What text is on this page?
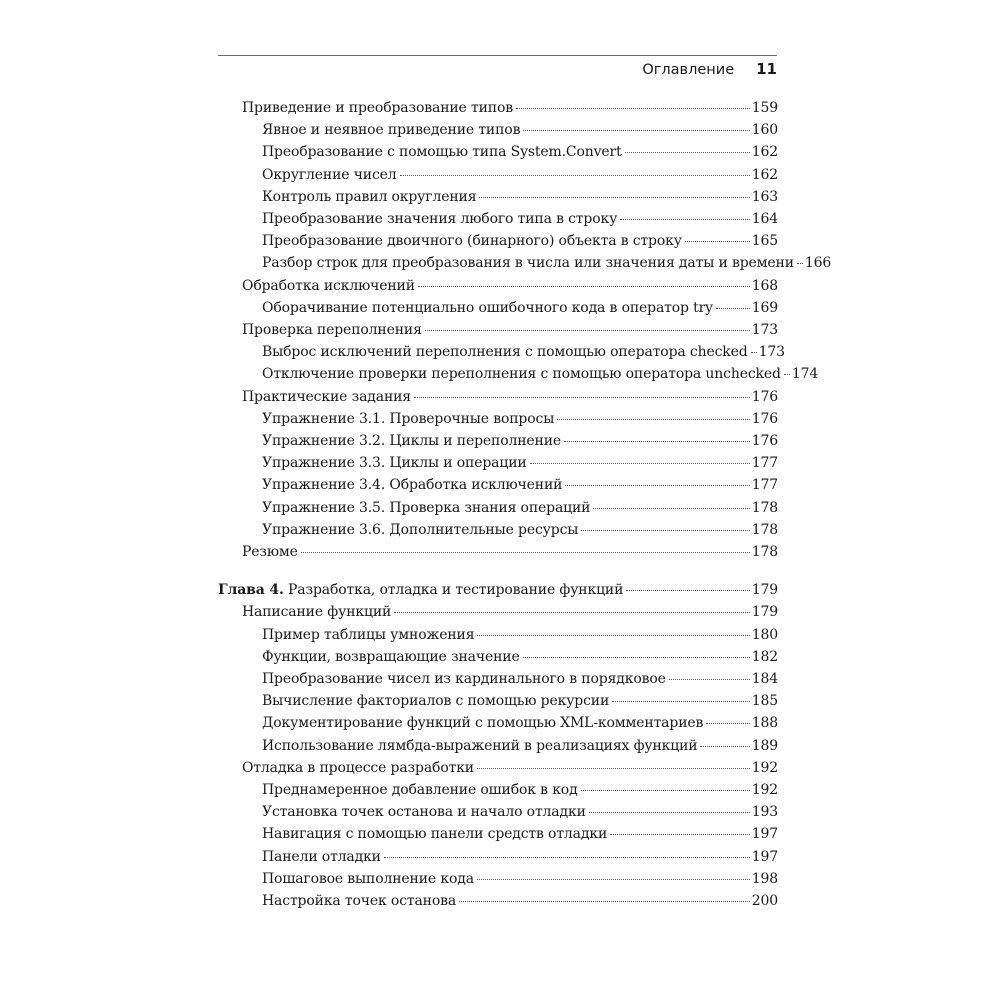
Оглавление 11
Приведение и преобразование типов	159
Явное и неявное приведение типов	160
Преобразование с помощью типа System.Convert	162
Округление чисел	162
Контроль правил округления	163
Преобразование значения любого типа в строку	164
Преобразование двоичного (бинарного) объекта в строку	165
Разбор строк для преобразования в числа или значения даты и времени 166
Обработка исключений	168
Оборачивание потенциально ошибочного кода в оператор try	169
Проверка переполнения	173
Выброс исключений переполнения с помощью оператора checked 173
Отключение проверки переполнения с помощью оператора unchecked 174
Практические задания	176
Упражнение 3.1. Проверочные вопросы	176
Упражнение 3.2. Циклы и переполнение	176
Упражнение 3.3. Циклы и операции	177
Упражнение 3.4. Обработка исключений	177
Упражнение 3.5. Проверка знания операций	178
Упражнение 3.6. Дополнительные ресурсы	178
Резюме	178
Глава 4. Разработка, отладка и тестирование функций	179
Написание функций	179
Пример таблицы умножения	180
Функции, возвращающие значение	182
Преобразование чисел из кардинального в порядковое	184
Вычисление факториалов с помощью рекурсии	185
Документирование функций с помощью XML-комментариев	188
Использование лямбда-выражений в реализациях функций	189
Отладка в процессе разработки	192
Преднамеренное добавление ошибок в код	192
Установка точек останова и начало отладки	193
Навигация с помощью панели средств отладки	197
Панели отладки	197
Пошаговое выполнение кода	198
Настройка точек останова	200
